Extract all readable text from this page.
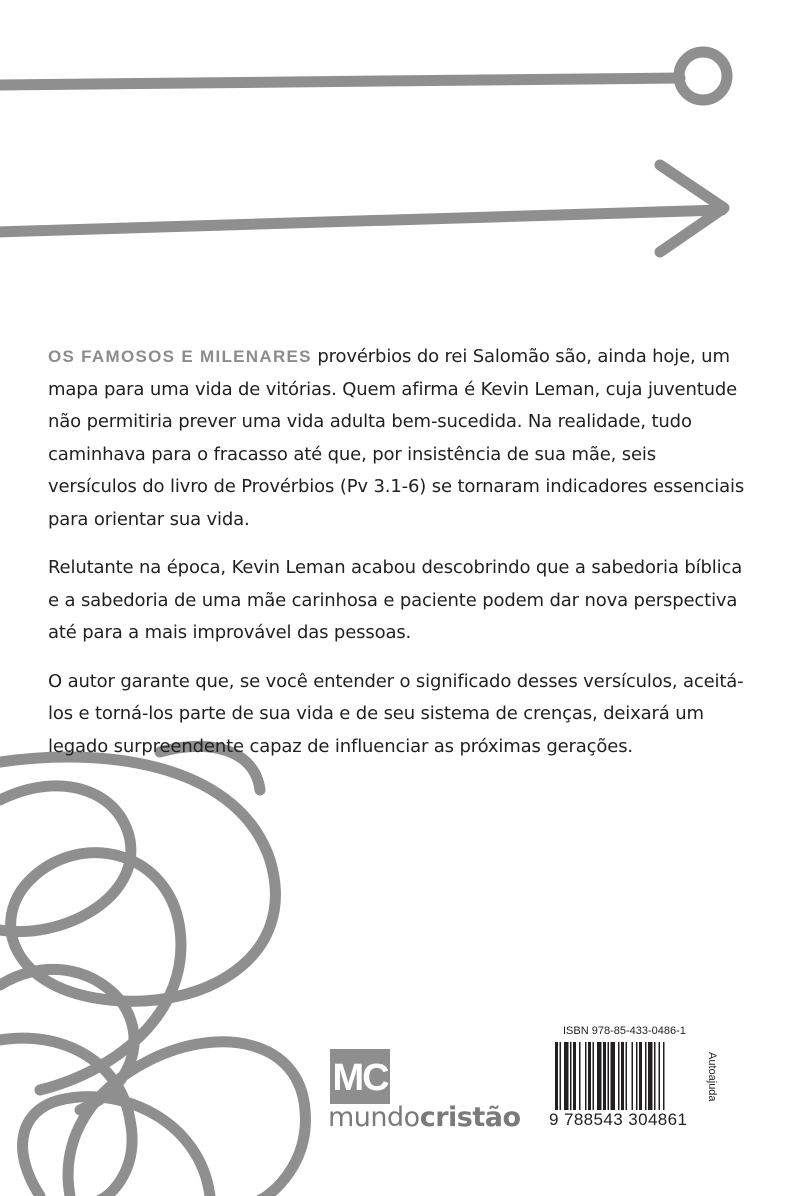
OS FAMOSOS E MILENARES provérbios do rei Salomão são, ainda hoje, um mapa para uma vida de vitórias. Quem afirma é Kevin Leman, cuja juventude não permitiria prever uma vida adulta bem-sucedida. Na realidade, tudo caminhava para o fracasso até que, por insistência de sua mãe, seis versículos do livro de Provérbios (Pv 3.1-6) se tornaram indicadores essenciais para orientar sua vida.

Relutante na época, Kevin Leman acabou descobrindo que a sabedoria bíblica e a sabedoria de uma mãe carinhosa e paciente podem dar nova perspectiva até para a mais improvável das pessoas.

O autor garante que, se você entender o significado desses versículos, aceitá-los e torná-los parte de sua vida e de seu sistema de crenças, deixará um legado surpreendente capaz de influenciar as próximas gerações.

MC
mundocristão
ISBN 978-85-433-0486-1
9 788543 304861
Autoajuda
